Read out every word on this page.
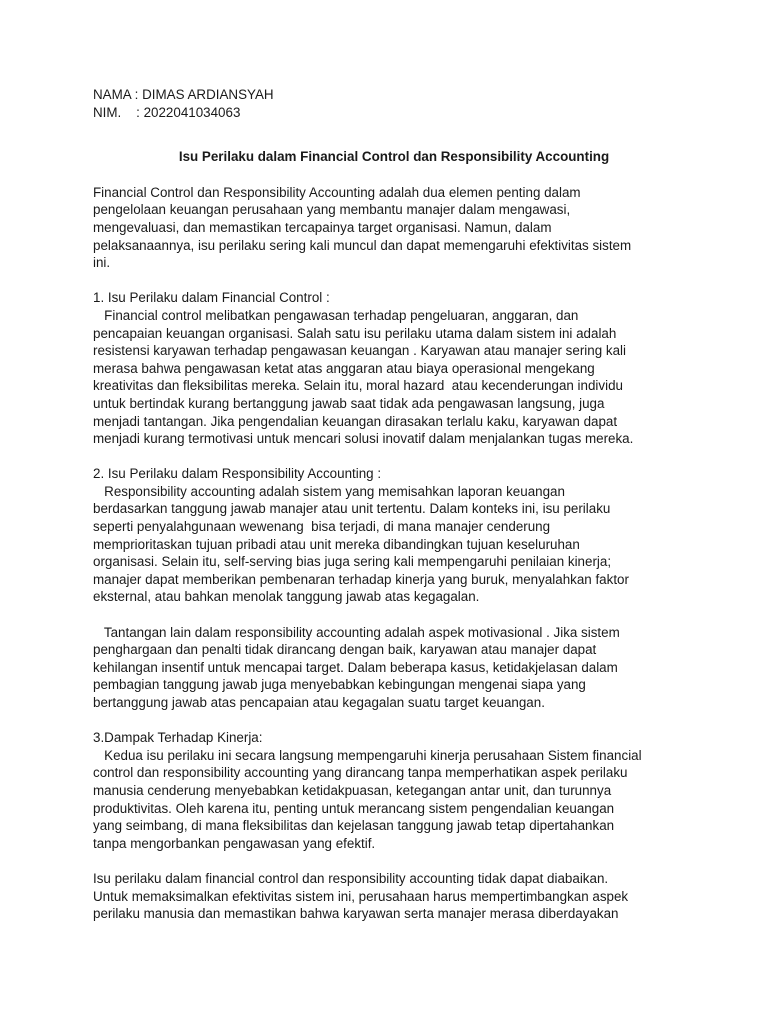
NAMA : DIMAS ARDIANSYAH
NIM.    : 2022041034063
Isu Perilaku dalam Financial Control dan Responsibility Accounting
Financial Control dan Responsibility Accounting adalah dua elemen penting dalam
pengelolaan keuangan perusahaan yang membantu manajer dalam mengawasi,
mengevaluasi, dan memastikan tercapainya target organisasi. Namun, dalam
pelaksanaannya, isu perilaku sering kali muncul dan dapat memengaruhi efektivitas sistem
ini.
1. Isu Perilaku dalam Financial Control :
Financial control melibatkan pengawasan terhadap pengeluaran, anggaran, dan
pencapaian keuangan organisasi. Salah satu isu perilaku utama dalam sistem ini adalah
resistensi karyawan terhadap pengawasan keuangan . Karyawan atau manajer sering kali
merasa bahwa pengawasan ketat atas anggaran atau biaya operasional mengekang
kreativitas dan fleksibilitas mereka. Selain itu, moral hazard  atau kecenderungan individu
untuk bertindak kurang bertanggung jawab saat tidak ada pengawasan langsung, juga
menjadi tantangan. Jika pengendalian keuangan dirasakan terlalu kaku, karyawan dapat
menjadi kurang termotivasi untuk mencari solusi inovatif dalam menjalankan tugas mereka.
2. Isu Perilaku dalam Responsibility Accounting :
Responsibility accounting adalah sistem yang memisahkan laporan keuangan
berdasarkan tanggung jawab manajer atau unit tertentu. Dalam konteks ini, isu perilaku
seperti penyalahgunaan wewenang  bisa terjadi, di mana manajer cenderung
memprioritaskan tujuan pribadi atau unit mereka dibandingkan tujuan keseluruhan
organisasi. Selain itu, self-serving bias juga sering kali mempengaruhi penilaian kinerja;
manajer dapat memberikan pembenaran terhadap kinerja yang buruk, menyalahkan faktor
eksternal, atau bahkan menolak tanggung jawab atas kegagalan.
Tantangan lain dalam responsibility accounting adalah aspek motivasional . Jika sistem
penghargaan dan penalti tidak dirancang dengan baik, karyawan atau manajer dapat
kehilangan insentif untuk mencapai target. Dalam beberapa kasus, ketidakjelasan dalam
pembagian tanggung jawab juga menyebabkan kebingungan mengenai siapa yang
bertanggung jawab atas pencapaian atau kegagalan suatu target keuangan.
3.Dampak Terhadap Kinerja:
Kedua isu perilaku ini secara langsung mempengaruhi kinerja perusahaan Sistem financial
control dan responsibility accounting yang dirancang tanpa memperhatikan aspek perilaku
manusia cenderung menyebabkan ketidakpuasan, ketegangan antar unit, dan turunnya
produktivitas. Oleh karena itu, penting untuk merancang sistem pengendalian keuangan
yang seimbang, di mana fleksibilitas dan kejelasan tanggung jawab tetap dipertahankan
tanpa mengorbankan pengawasan yang efektif.
Isu perilaku dalam financial control dan responsibility accounting tidak dapat diabaikan.
Untuk memaksimalkan efektivitas sistem ini, perusahaan harus mempertimbangkan aspek
perilaku manusia dan memastikan bahwa karyawan serta manajer merasa diberdayakan
